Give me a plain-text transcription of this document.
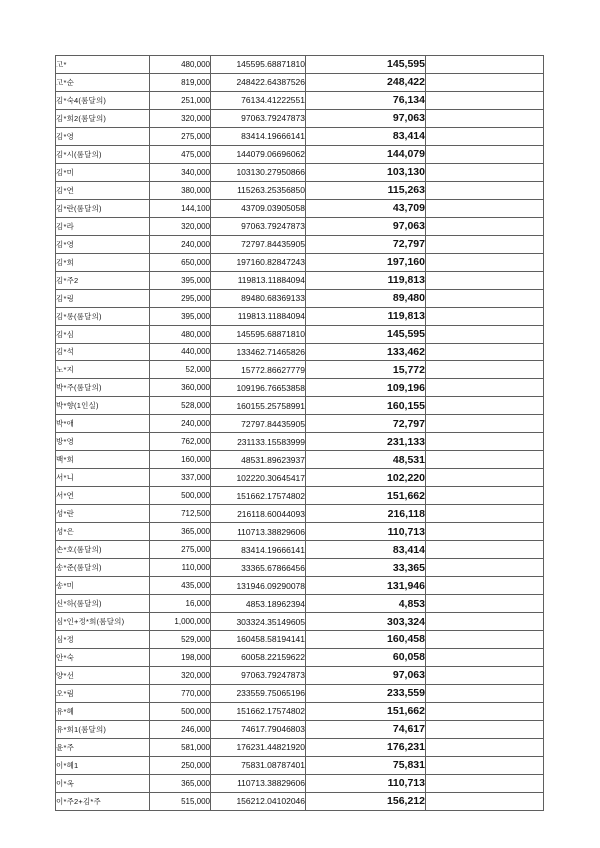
고*	480,000	145595.68871810	145,595	
고*순	819,000	248422.64387526	248,422	
김*숙4(롬달의)	251,000	76134.41222551	76,134	
김*희2(롬달의)	320,000	97063.79247873	97,063	
김*영	275,000	83414.19666141	83,414	
김*시(롬달의)	475,000	144079.06696062	144,079	
김*미	340,000	103130.27950866	103,130	
김*연	380,000	115263.25356850	115,263	
김*란(롬달의)	144,100	43709.03905058	43,709	
김*라	320,000	97063.79247873	97,063	
김*영	240,000	72797.84435905	72,797	
김*희	650,000	197160.82847243	197,160	
김*주2	395,000	119813.11884094	119,813	
김*링	295,000	89480.68369133	89,480	
김*롱(롬달의)	395,000	119813.11884094	119,813	
김*심	480,000	145595.68871810	145,595	
김*석	440,000	133462.71465826	133,462	
노*지	52,000	15772.86627779	15,772	
박*주(롬달의)	360,000	109196.76653858	109,196	
박*향(1인실)	528,000	160155.25758991	160,155	
박*애	240,000	72797.84435905	72,797	
방*영	762,000	231133.15583999	231,133	
백*희	160,000	48531.89623937	48,531	
서*니	337,000	102220.30645417	102,220	
서*연	500,000	151662.17574802	151,662	
성*란	712,500	216118.60044093	216,118	
성*은	365,000	110713.38829606	110,713	
손*호(롬달의)	275,000	83414.19666141	83,414	
송*준(롬달의)	110,000	33365.67866456	33,365	
송*미	435,000	131946.09290078	131,946	
신*하(롬달의)	16,000	4853.18962394	4,853	
심*인+정*희(롬달의)	1,000,000	303324.35149605	303,324	
심*정	529,000	160458.58194141	160,458	
안*숙	198,000	60058.22159622	60,058	
양*선	320,000	97063.79247873	97,063	
오*림	770,000	233559.75065196	233,559	
유*혜	500,000	151662.17574802	151,662	
유*희1(롬달의)	246,000	74617.79046803	74,617	
윤*주	581,000	176231.44821920	176,231	
이*혜1	250,000	75831.08787401	75,831	
이*옥	365,000	110713.38829606	110,713	
이*주2+김*주	515,000	156212.04102046	156,212	
